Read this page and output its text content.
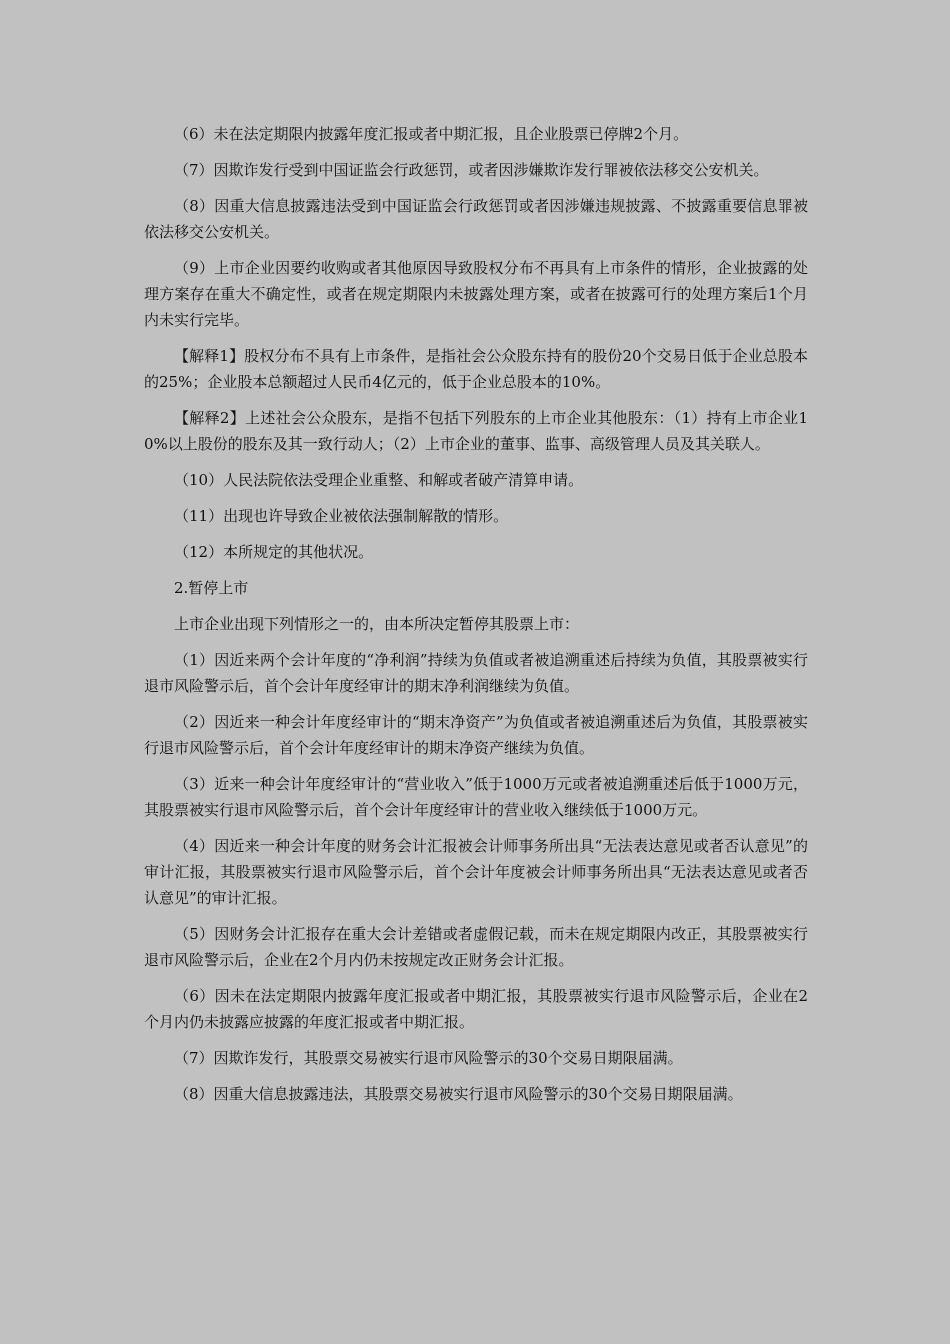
（6）未在法定期限内披露年度汇报或者中期汇报，且企业股票已停牌2个月。

（7）因欺诈发行受到中国证监会行政惩罚，或者因涉嫌欺诈发行罪被依法移交公安机关。

（8）因重大信息披露违法受到中国证监会行政惩罚或者因涉嫌违规披露、不披露重要信息罪被依法移交公安机关。

（9）上市企业因要约收购或者其他原因导致股权分布不再具有上市条件的情形，企业披露的处理方案存在重大不确定性，或者在规定期限内未披露处理方案，或者在披露可行的处理方案后1个月内未实行完毕。

【解释1】股权分布不具有上市条件，是指社会公众股东持有的股份20个交易日低于企业总股本的25%；企业股本总额超过人民币4亿元的，低于企业总股本的10%。

【解释2】上述社会公众股东，是指不包括下列股东的上市企业其他股东：（1）持有上市企业10%以上股份的股东及其一致行动人；（2）上市企业的董事、监事、高级管理人员及其关联人。

（10）人民法院依法受理企业重整、和解或者破产清算申请。

（11）出现也许导致企业被依法强制解散的情形。

（12）本所规定的其他状况。

2.暂停上市

上市企业出现下列情形之一的，由本所决定暂停其股票上市：

（1）因近来两个会计年度的“净利润”持续为负值或者被追溯重述后持续为负值，其股票被实行退市风险警示后，首个会计年度经审计的期末净利润继续为负值。

（2）因近来一种会计年度经审计的“期末净资产”为负值或者被追溯重述后为负值，其股票被实行退市风险警示后，首个会计年度经审计的期末净资产继续为负值。

（3）近来一种会计年度经审计的“营业收入”低于1000万元或者被追溯重述后低于1000万元，其股票被实行退市风险警示后，首个会计年度经审计的营业收入继续低于1000万元。

（4）因近来一种会计年度的财务会计汇报被会计师事务所出具“无法表达意见或者否认意见”的审计汇报，其股票被实行退市风险警示后，首个会计年度被会计师事务所出具“无法表达意见或者否认意见”的审计汇报。

（5）因财务会计汇报存在重大会计差错或者虚假记载，而未在规定期限内改正，其股票被实行退市风险警示后，企业在2个月内仍未按规定改正财务会计汇报。

（6）因未在法定期限内披露年度汇报或者中期汇报，其股票被实行退市风险警示后，企业在2个月内仍未披露应披露的年度汇报或者中期汇报。

（7）因欺诈发行，其股票交易被实行退市风险警示的30个交易日期限届满。

（8）因重大信息披露违法，其股票交易被实行退市风险警示的30个交易日期限届满。
